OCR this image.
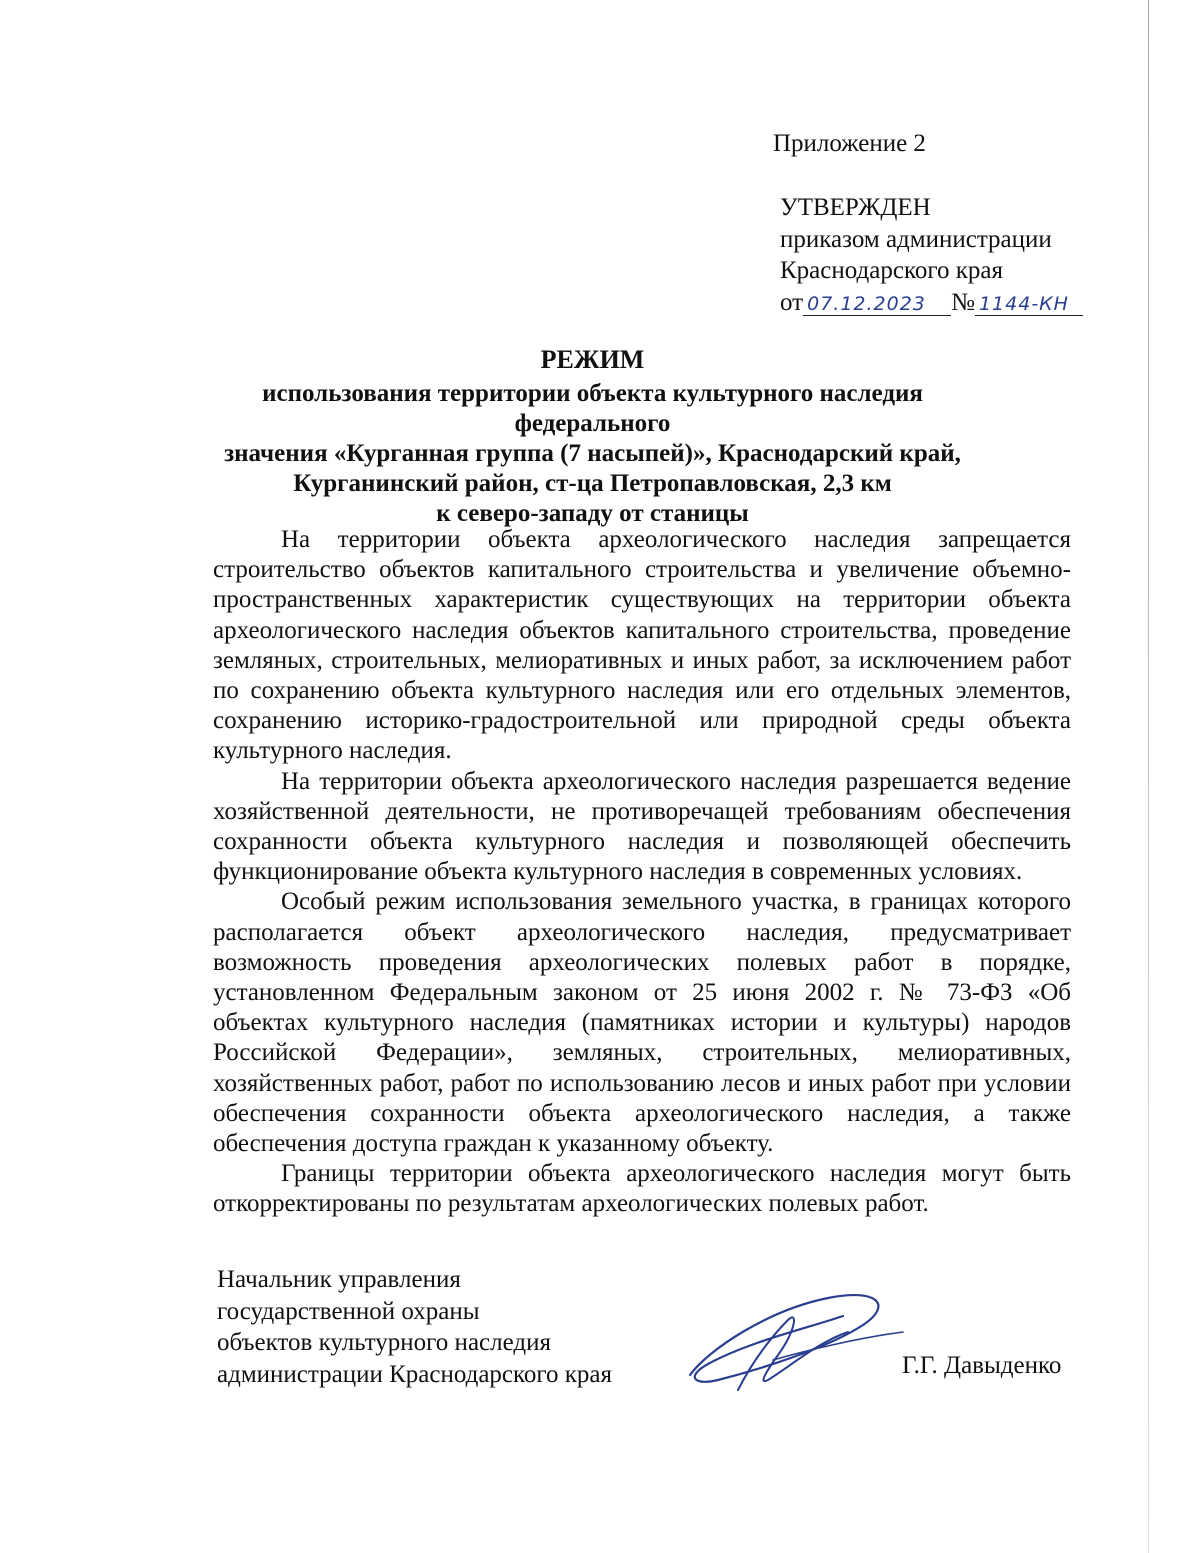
Приложение 2
УТВЕРЖДЕН
приказом администрации
Краснодарского края
от 07.12.2023 № 1144-КН
РЕЖИМ
использования территории объекта культурного наследия федерального
значения «Курганная группа (7 насыпей)», Краснодарский край,
Курганинский район, ст-ца Петропавловская, 2,3 км
к северо-западу от станицы

На территории объекта археологического наследия запрещается строительство объектов капитального строительства и увеличение объемно-пространственных характеристик существующих на территории объекта археологического наследия объектов капитального строительства, проведение земляных, строительных, мелиоративных и иных работ, за исключением работ по сохранению объекта культурного наследия или его отдельных элементов, сохранению историко-градостроительной или природной среды объекта культурного наследия.

На территории объекта археологического наследия разрешается ведение хозяйственной деятельности, не противоречащей требованиям обеспечения сохранности объекта культурного наследия и позволяющей обеспечить функционирование объекта культурного наследия в современных условиях.

Особый режим использования земельного участка, в границах которого располагается объект археологического наследия, предусматривает возможность проведения археологических полевых работ в порядке, установленном Федеральным законом от 25 июня 2002 г. № 73-ФЗ «Об объектах культурного наследия (памятниках истории и культуры) народов Российской Федерации», земляных, строительных, мелиоративных, хозяйственных работ, работ по использованию лесов и иных работ при условии обеспечения сохранности объекта археологического наследия, а также обеспечения доступа граждан к указанному объекту.

Границы территории объекта археологического наследия могут быть откорректированы по результатам археологических полевых работ.

Начальник управления
государственной охраны
объектов культурного наследия
администрации Краснодарского края	Г.Г. Давыденко
